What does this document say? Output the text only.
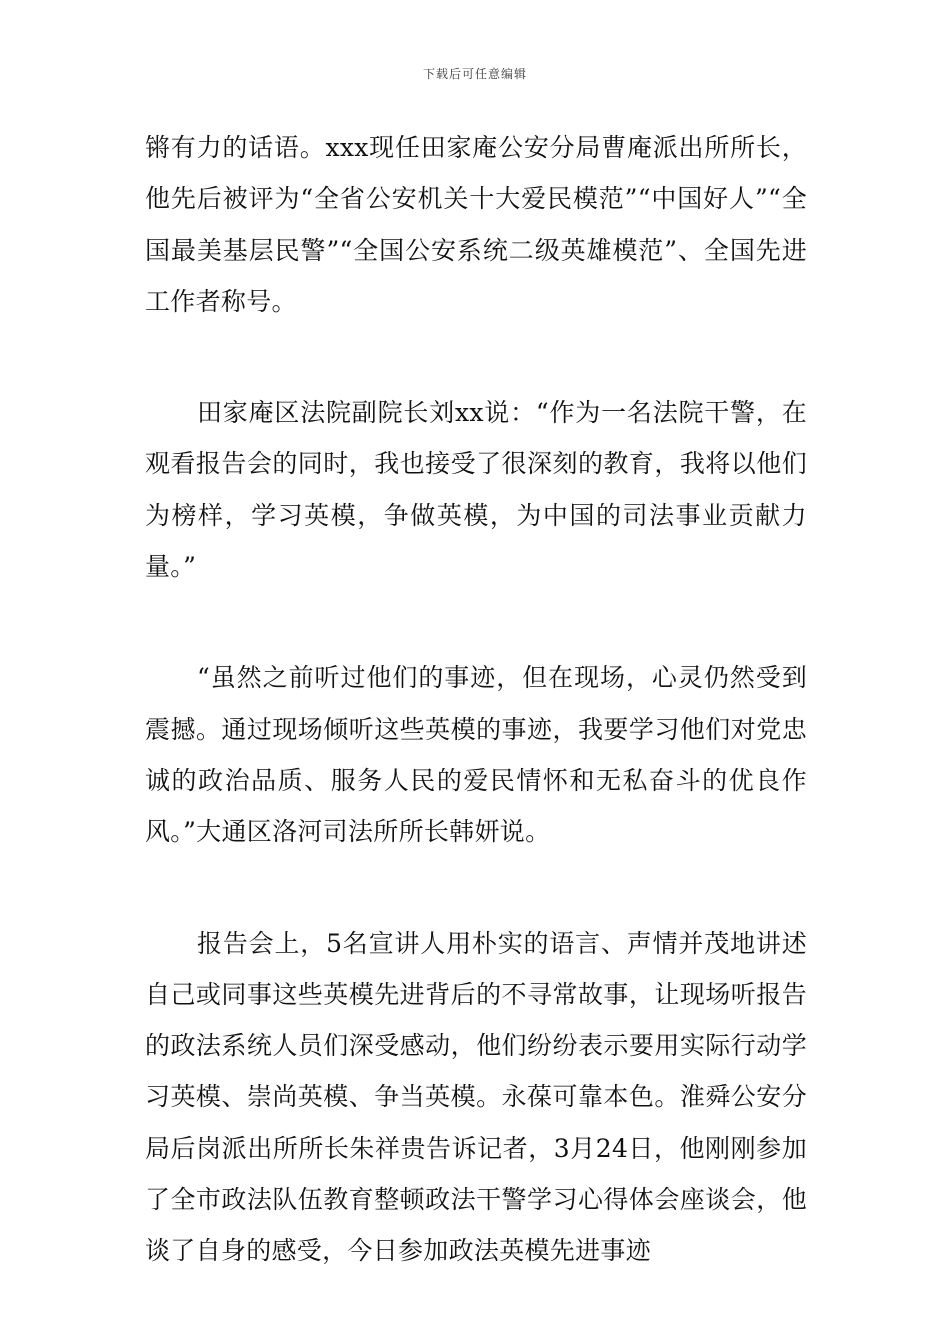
下载后可任意编辑

锵有力的话语。xxx现任田家庵公安分局曹庵派出所所长，他先后被评为“全省公安机关十大爱民模范”“中国好人”“全国最美基层民警”“全国公安系统二级英雄模范”、全国先进工作者称号。

田家庵区法院副院长刘xx说：“作为一名法院干警，在观看报告会的同时，我也接受了很深刻的教育，我将以他们为榜样，学习英模，争做英模，为中国的司法事业贡献力量。”

“虽然之前听过他们的事迹，但在现场，心灵仍然受到震撼。通过现场倾听这些英模的事迹，我要学习他们对党忠诚的政治品质、服务人民的爱民情怀和无私奋斗的优良作风。”大通区洛河司法所所长韩妍说。

报告会上，5名宣讲人用朴实的语言、声情并茂地讲述自己或同事这些英模先进背后的不寻常故事，让现场听报告的政法系统人员们深受感动，他们纷纷表示要用实际行动学习英模、崇尚英模、争当英模。永葆可靠本色。淮舜公安分局后岗派出所所长朱祥贵告诉记者，3月24日，他刚刚参加了全市政法队伍教育整顿政法干警学习心得体会座谈会，他谈了自身的感受，今日参加政法英模先进事迹
